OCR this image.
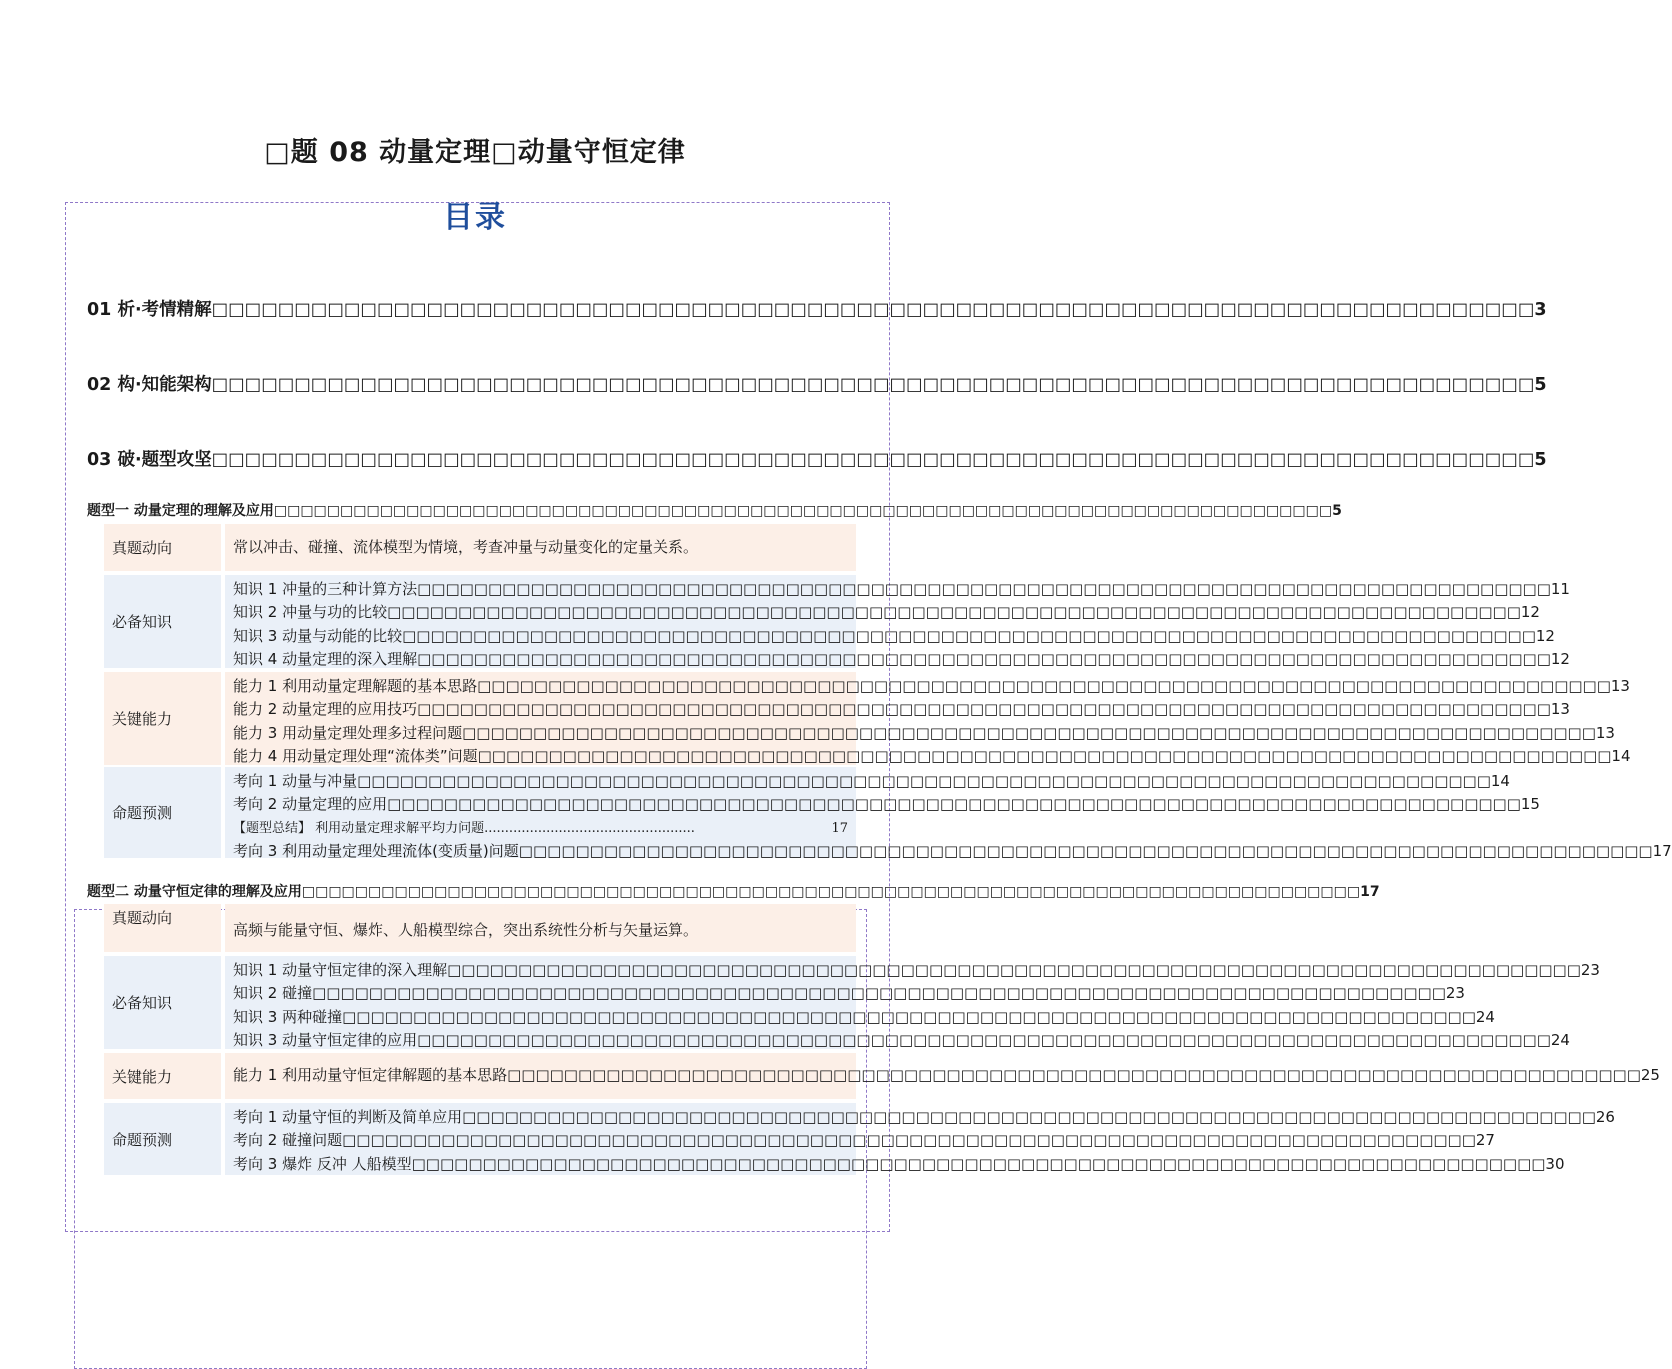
□题 08 动量定理□动量守恒定律
目录
01 析·考情精解 □□□□□□□□□□□□□□□□□□□□□□□□□□□□□□□□□□□□□□□□□□□□□□□□□□□□□□□□□□□□□□□□□□□□□□□□□□□□□□□□ 3
02 构·知能架构 □□□□□□□□□□□□□□□□□□□□□□□□□□□□□□□□□□□□□□□□□□□□□□□□□□□□□□□□□□□□□□□□□□□□□□□□□□□□□□□□ 5
03 破·题型攻坚 □□□□□□□□□□□□□□□□□□□□□□□□□□□□□□□□□□□□□□□□□□□□□□□□□□□□□□□□□□□□□□□□□□□□□□□□□□□□□□□□ 5
题型一 动量定理的理解及应用 □□□□□□□□□□□□□□□□□□□□□□□□□□□□□□□□□□□□□□□□□□□□□□□□□□□□□□□□□□□□□□□□□□□□□□□□□□□□□□□□ 5
真题动向	常以冲击、碰撞、流体模型为情境，考查冲量与动量变化的定量关系。
必备知识
知识 1 冲量的三种计算方法 □□□□□□□□□□□□□□□□□□□□□□□□□□□□□□□□□□□□□□□□□□□□□□□□□□□□□□□□□□□□□□□□□□□□□□□□□□□□□□□□ 11
知识 2 冲量与功的比较 □□□□□□□□□□□□□□□□□□□□□□□□□□□□□□□□□□□□□□□□□□□□□□□□□□□□□□□□□□□□□□□□□□□□□□□□□□□□□□□□ 12
知识 3 动量与动能的比较 □□□□□□□□□□□□□□□□□□□□□□□□□□□□□□□□□□□□□□□□□□□□□□□□□□□□□□□□□□□□□□□□□□□□□□□□□□□□□□□□ 12
知识 4 动量定理的深入理解 □□□□□□□□□□□□□□□□□□□□□□□□□□□□□□□□□□□□□□□□□□□□□□□□□□□□□□□□□□□□□□□□□□□□□□□□□□□□□□□□ 12
关键能力
能力 1 利用动量定理解题的基本思路 □□□□□□□□□□□□□□□□□□□□□□□□□□□□□□□□□□□□□□□□□□□□□□□□□□□□□□□□□□□□□□□□□□□□□□□□□□□□□□□□ 13
能力 2 动量定理的应用技巧 □□□□□□□□□□□□□□□□□□□□□□□□□□□□□□□□□□□□□□□□□□□□□□□□□□□□□□□□□□□□□□□□□□□□□□□□□□□□□□□□ 13
能力 3 用动量定理处理多过程问题 □□□□□□□□□□□□□□□□□□□□□□□□□□□□□□□□□□□□□□□□□□□□□□□□□□□□□□□□□□□□□□□□□□□□□□□□□□□□□□□□ 13
能力 4 用动量定理处理“流体类”问题 □□□□□□□□□□□□□□□□□□□□□□□□□□□□□□□□□□□□□□□□□□□□□□□□□□□□□□□□□□□□□□□□□□□□□□□□□□□□□□□□ 14
命题预测
考向 1 动量与冲量 □□□□□□□□□□□□□□□□□□□□□□□□□□□□□□□□□□□□□□□□□□□□□□□□□□□□□□□□□□□□□□□□□□□□□□□□□□□□□□□□ 14
考向 2 动量定理的应用 □□□□□□□□□□□□□□□□□□□□□□□□□□□□□□□□□□□□□□□□□□□□□□□□□□□□□□□□□□□□□□□□□□□□□□□□□□□□□□□□ 15
【题型总结】 利用动量定理求解平均力问题 ...................................................	17
考向 3 利用动量定理处理流体(变质量)问题 □□□□□□□□□□□□□□□□□□□□□□□□□□□□□□□□□□□□□□□□□□□□□□□□□□□□□□□□□□□□□□□□□□□□□□□□□□□□□□□□ 17
题型二 动量守恒定律的理解及应用 □□□□□□□□□□□□□□□□□□□□□□□□□□□□□□□□□□□□□□□□□□□□□□□□□□□□□□□□□□□□□□□□□□□□□□□□□□□□□□□□ 17
真题动向
高频与能量守恒、爆炸、人船模型综合，突出系统性分析与矢量运算。
必备知识
知识 1 动量守恒定律的深入理解 □□□□□□□□□□□□□□□□□□□□□□□□□□□□□□□□□□□□□□□□□□□□□□□□□□□□□□□□□□□□□□□□□□□□□□□□□□□□□□□□ 23
知识 2 碰撞 □□□□□□□□□□□□□□□□□□□□□□□□□□□□□□□□□□□□□□□□□□□□□□□□□□□□□□□□□□□□□□□□□□□□□□□□□□□□□□□□ 23
知识 3 两种碰撞 □□□□□□□□□□□□□□□□□□□□□□□□□□□□□□□□□□□□□□□□□□□□□□□□□□□□□□□□□□□□□□□□□□□□□□□□□□□□□□□□ 24
知识 3 动量守恒定律的应用 □□□□□□□□□□□□□□□□□□□□□□□□□□□□□□□□□□□□□□□□□□□□□□□□□□□□□□□□□□□□□□□□□□□□□□□□□□□□□□□□ 24
关键能力	能力 1 利用动量守恒定律解题的基本思路 □□□□□□□□□□□□□□□□□□□□□□□□□□□□□□□□□□□□□□□□□□□□□□□□□□□□□□□□□□□□□□□□□□□□□□□□□□□□□□□□ 25
命题预测
考向 1 动量守恒的判断及简单应用 □□□□□□□□□□□□□□□□□□□□□□□□□□□□□□□□□□□□□□□□□□□□□□□□□□□□□□□□□□□□□□□□□□□□□□□□□□□□□□□□ 26
考向 2 碰撞问题 □□□□□□□□□□□□□□□□□□□□□□□□□□□□□□□□□□□□□□□□□□□□□□□□□□□□□□□□□□□□□□□□□□□□□□□□□□□□□□□□ 27
考向 3 爆炸 反冲 人船模型 □□□□□□□□□□□□□□□□□□□□□□□□□□□□□□□□□□□□□□□□□□□□□□□□□□□□□□□□□□□□□□□□□□□□□□□□□□□□□□□□ 30
